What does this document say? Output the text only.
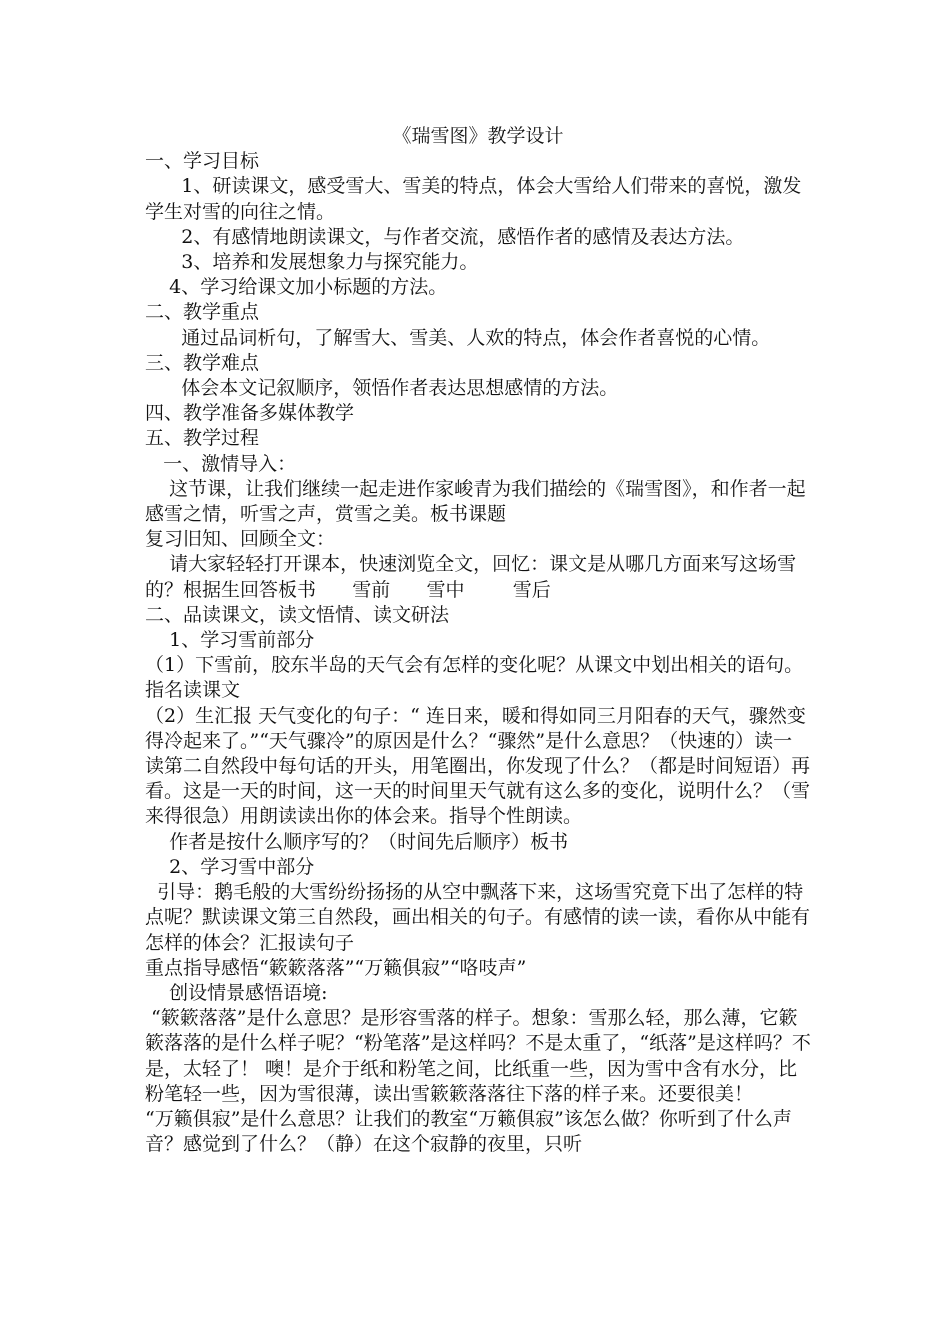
《瑞雪图》教学设计

一、学习目标

1、研读课文，感受雪大、雪美的特点，体会大雪给人们带来的喜悦，激发学生对雪的向往之情。

2、有感情地朗读课文，与作者交流，感悟作者的感情及表达方法。

3、培养和发展想象力与探究能力。

4、学习给课文加小标题的方法。

二、教学重点

通过品词析句，了解雪大、雪美、人欢的特点，体会作者喜悦的心情。

三、教学难点

体会本文记叙顺序，领悟作者表达思想感情的方法。

四、教学准备多媒体教学

五、教学过程

一、激情导入：

这节课，让我们继续一起走进作家峻青为我们描绘的《瑞雪图》，和作者一起感雪之情，听雪之声，赏雪之美。板书课题

复习旧知、回顾全文：

请大家轻轻打开课本，快速浏览全文，回忆：课文是从哪几方面来写这场雪的？根据生回答板书      雪前      雪中        雪后

二、品读课文，读文悟情、读文研法

1、学习雪前部分

（1）下雪前，胶东半岛的天气会有怎样的变化呢？从课文中划出相关的语句。指名读课文

（2）生汇报 天气变化的句子：“ 连日来，暖和得如同三月阳春的天气，骤然变得冷起来了。”“天气骤冷”的原因是什么？“骤然”是什么意思？（快速的）读一读第二自然段中每句话的开头，用笔圈出，你发现了什么？（都是时间短语）再看。这是一天的时间，这一天的时间里天气就有这么多的变化，说明什么？（雪来得很急）用朗读读出你的体会来。指导个性朗读。

作者是按什么顺序写的？（时间先后顺序）板书

2、学习雪中部分

引导：鹅毛般的大雪纷纷扬扬的从空中飘落下来，这场雪究竟下出了怎样的特点呢？默读课文第三自然段，画出相关的句子。有感情的读一读，看你从中能有怎样的体会？汇报读句子

重点指导感悟“簌簌落落”“万籁俱寂”“咯吱声”

创设情景感悟语境:

“簌簌落落”是什么意思？是形容雪落的样子。想象：雪那么轻，那么薄，它簌簌落落的是什么样子呢？“粉笔落”是这样吗？不是太重了，“纸落”是这样吗？不是，太轻了！ 噢！是介于纸和粉笔之间，比纸重一些，因为雪中含有水分，比粉笔轻一些，因为雪很薄，读出雪簌簌落落往下落的样子来。还要很美！

“万籁俱寂”是什么意思？让我们的教室“万籁俱寂”该怎么做？你听到了什么声音？感觉到了什么？（静）在这个寂静的夜里，只听
